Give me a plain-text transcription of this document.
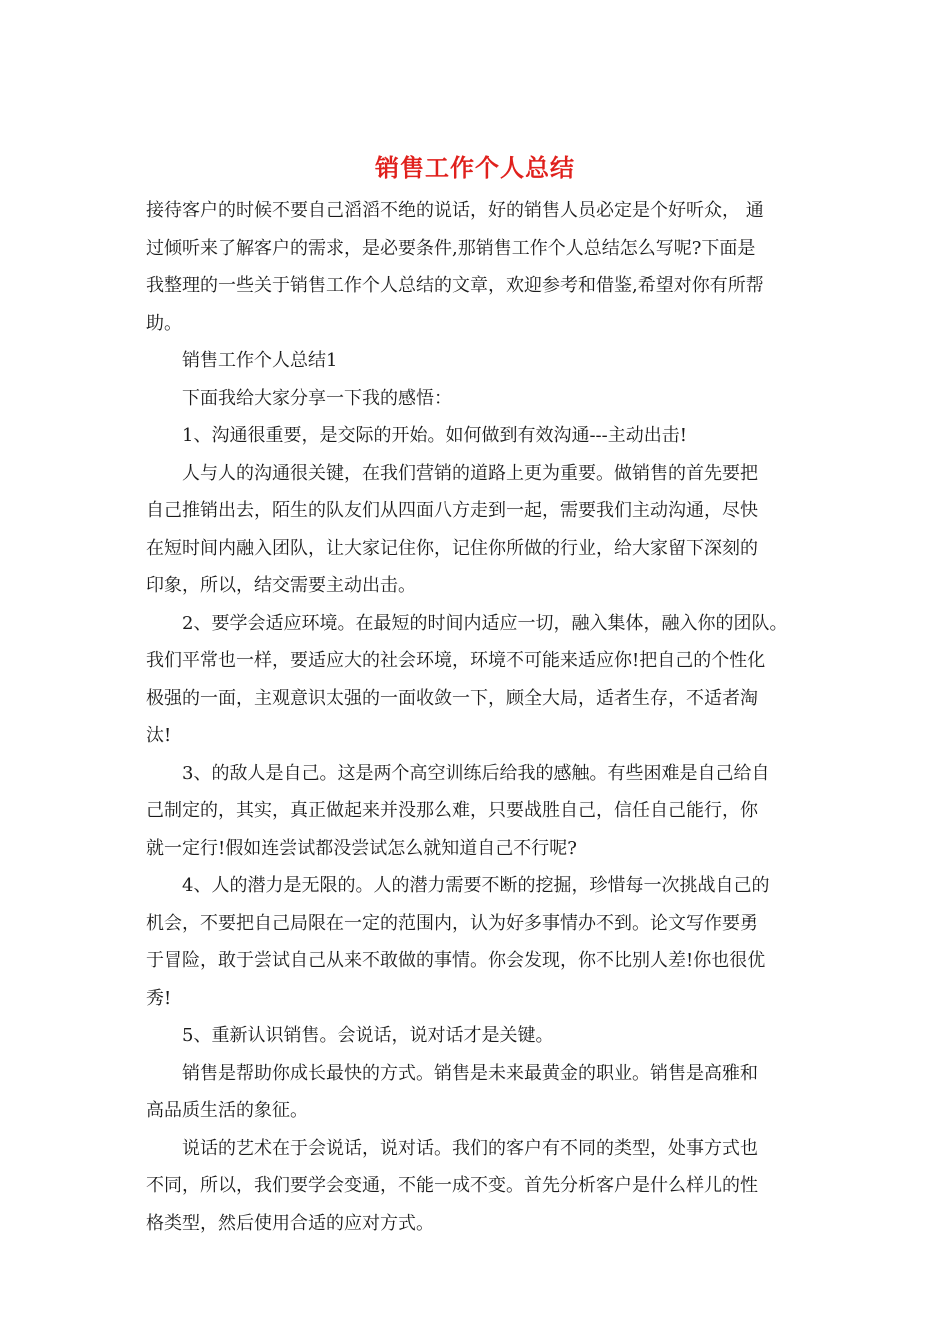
销售工作个人总结
接待客户的时候不要自己滔滔不绝的说话，好的销售人员必定是个好听众， 通
过倾听来了解客户的需求，是必要条件,那销售工作个人总结怎么写呢?下面是
我整理的一些关于销售工作个人总结的文章，欢迎参考和借鉴,希望对你有所帮
助。
销售工作个人总结1
下面我给大家分享一下我的感悟：
1、沟通很重要，是交际的开始。如何做到有效沟通---主动出击!
人与人的沟通很关键，在我们营销的道路上更为重要。做销售的首先要把
自己推销出去，陌生的队友们从四面八方走到一起，需要我们主动沟通，尽快
在短时间内融入团队，让大家记住你，记住你所做的行业，给大家留下深刻的
印象，所以，结交需要主动出击。
2、要学会适应环境。在最短的时间内适应一切，融入集体，融入你的团队。
我们平常也一样，要适应大的社会环境，环境不可能来适应你!把自己的个性化
极强的一面，主观意识太强的一面收敛一下，顾全大局，适者生存，不适者淘
汰!
3、的敌人是自己。这是两个高空训练后给我的感触。有些困难是自己给自
己制定的，其实，真正做起来并没那么难，只要战胜自己，信任自己能行，你
就一定行!假如连尝试都没尝试怎么就知道自己不行呢?
4、人的潜力是无限的。人的潜力需要不断的挖掘，珍惜每一次挑战自己的
机会，不要把自己局限在一定的范围内，认为好多事情办不到。论文写作要勇
于冒险，敢于尝试自己从来不敢做的事情。你会发现，你不比别人差!你也很优
秀!
5、重新认识销售。会说话，说对话才是关键。
销售是帮助你成长最快的方式。销售是未来最黄金的职业。销售是高雅和
高品质生活的象征。
说话的艺术在于会说话，说对话。我们的客户有不同的类型，处事方式也
不同，所以，我们要学会变通，不能一成不变。首先分析客户是什么样儿的性
格类型，然后使用合适的应对方式。
